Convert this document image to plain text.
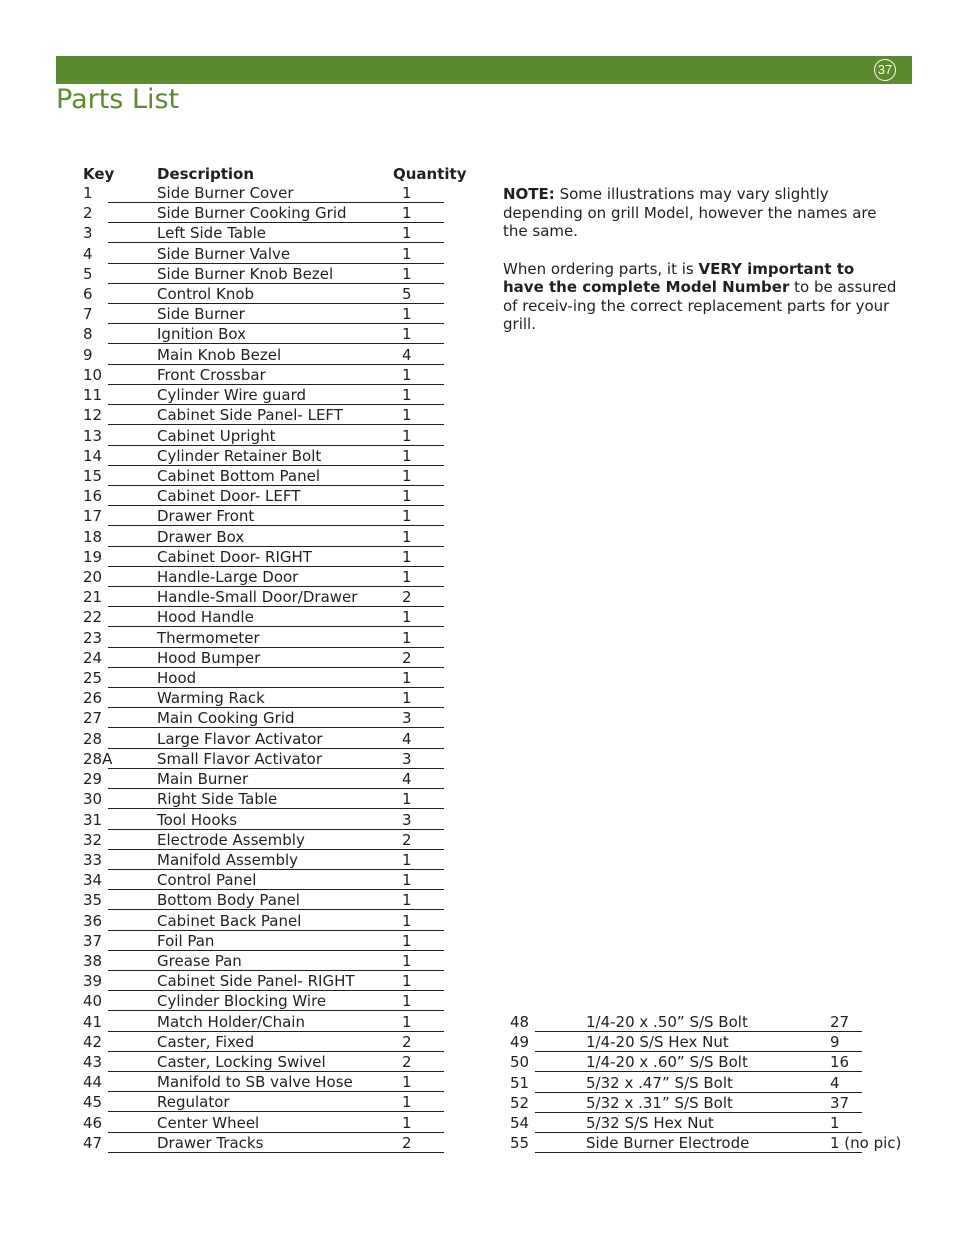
37
Parts List
Key	Description	Quantity
1	Side Burner Cover	1
2	Side Burner Cooking Grid	1
3	Left Side Table	1
4	Side Burner Valve	1
5	Side Burner Knob Bezel	1
6	Control Knob	5
7	Side Burner	1
8	Ignition Box	1
9	Main Knob Bezel	4
10	Front Crossbar	1
11	Cylinder Wire guard	1
12	Cabinet Side Panel- LEFT	1
13	Cabinet Upright	1
14	Cylinder Retainer Bolt	1
15	Cabinet Bottom Panel	1
16	Cabinet Door- LEFT	1
17	Drawer Front	1
18	Drawer Box	1
19	Cabinet Door- RIGHT	1
20	Handle-Large Door	1
21	Handle-Small Door/Drawer	2
22	Hood Handle	1
23	Thermometer	1
24	Hood Bumper	2
25	Hood	1
26	Warming Rack	1
27	Main Cooking Grid	3
28	Large Flavor Activator	4
28A	Small Flavor Activator	3
29	Main Burner	4
30	Right Side Table	1
31	Tool Hooks	3
32	Electrode Assembly	2
33	Manifold Assembly	1
34	Control Panel	1
35	Bottom Body Panel	1
36	Cabinet Back Panel	1
37	Foil Pan	1
38	Grease Pan	1
39	Cabinet Side Panel- RIGHT	1
40	Cylinder Blocking Wire	1
41	Match Holder/Chain	1
42	Caster, Fixed	2
43	Caster, Locking Swivel	2
44	Manifold to SB valve Hose	1
45	Regulator	1
46	Center Wheel	1
47	Drawer Tracks	2
48	1/4-20 x .50” S/S Bolt	27
49	1/4-20 S/S Hex Nut	9
50	1/4-20 x .60” S/S Bolt	16
51	5/32 x .47” S/S Bolt	4
52	5/32 x .31” S/S Bolt	37
54	5/32 S/S Hex Nut	1
55	Side Burner Electrode	1 (no pic)

NOTE: Some illustrations may vary slightly depending on grill Model, however the names are the same.

When ordering parts, it is VERY important to have the complete Model Number to be assured of receiv-ing the correct replacement parts for your grill.
